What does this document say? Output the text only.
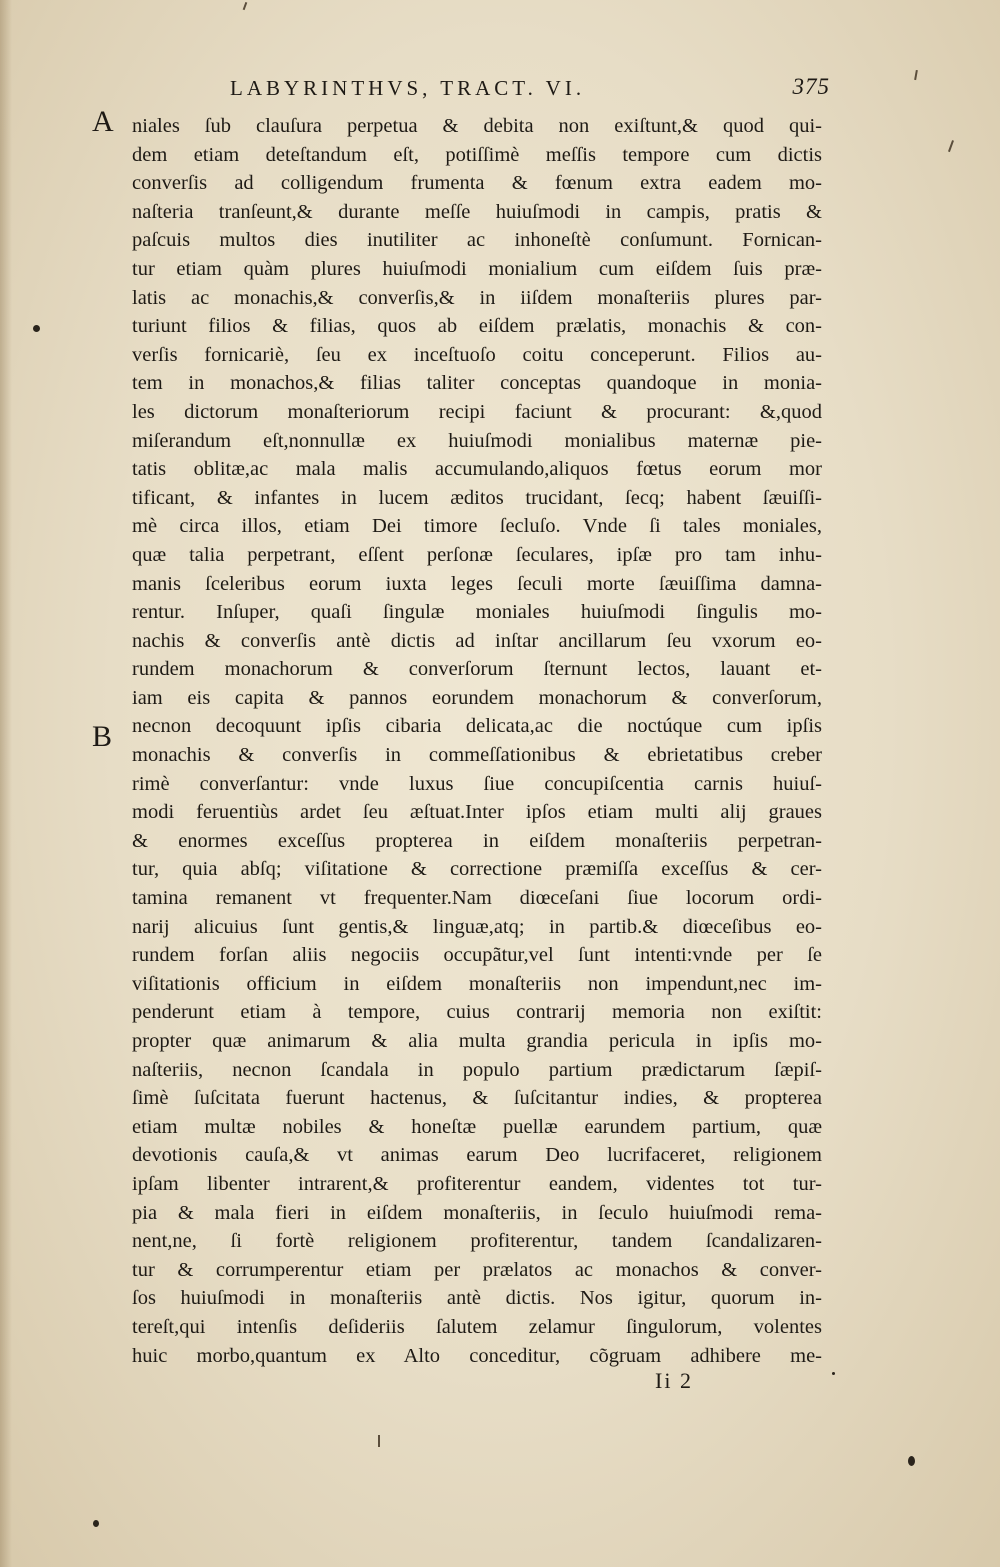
LABYRINTHVS, TRACT. VI.	375
A
B
niales ſub clauſura perpetua & debita non exiſtunt,& quod qui-
dem etiam deteſtandum eſt, potiſſimè meſſis tempore cum dictis
converſis ad colligendum frumenta & fœnum extra eadem mo-
naſteria tranſeunt,& durante meſſe huiuſmodi in campis, pratis &
paſcuis multos dies inutiliter ac inhoneſtè conſumunt. Fornican-
tur etiam quàm plures huiuſmodi monialium cum eiſdem ſuis præ-
latis ac monachis,& converſis,& in iiſdem monaſteriis plures par-
turiunt filios & filias, quos ab eiſdem prælatis, monachis & con-
verſis fornicariè, ſeu ex inceſtuoſo coitu conceperunt. Filios au-
tem in monachos,& filias taliter conceptas quandoque in monia-
les dictorum monaſteriorum recipi faciunt & procurant: &,quod
miſerandum eſt,nonnullæ ex huiuſmodi monialibus maternæ pie-
tatis oblitæ,ac mala malis accumulando,aliquos fœtus eorum mor
tificant, & infantes in lucem æditos trucidant, ſecq; habent ſæuiſſi-
mè circa illos, etiam Dei timore ſecluſo. Vnde ſi tales moniales,
quæ talia perpetrant, eſſent perſonæ ſeculares, ipſæ pro tam inhu-
manis ſceleribus eorum iuxta leges ſeculi morte ſæuiſſima damna-
rentur. Inſuper, quaſi ſingulæ moniales huiuſmodi ſingulis mo-
nachis & converſis antè dictis ad inſtar ancillarum ſeu vxorum eo-
rundem monachorum & converſorum ſternunt lectos, lauant et-
iam eis capita & pannos eorundem monachorum & converſorum,
necnon decoquunt ipſis cibaria delicata,ac die noctúque cum ipſis
monachis & converſis in commeſſationibus & ebrietatibus creber
rimè converſantur: vnde luxus ſiue concupiſcentia carnis huiuſ-
modi feruentiùs ardet ſeu æſtuat.Inter ipſos etiam multi alij graues
& enormes exceſſus propterea in eiſdem monaſteriis perpetran-
tur, quia abſq; viſitatione & correctione præmiſſa exceſſus & cer-
tamina remanent vt frequenter.Nam diœceſani ſiue locorum ordi-
narij alicuius ſunt gentis,& linguæ,atq; in partib.& diœceſibus eo-
rundem forſan aliis negociis occupãtur,vel ſunt intenti:vnde per ſe
viſitationis officium in eiſdem monaſteriis non impendunt,nec im-
penderunt etiam à tempore, cuius contrarij memoria non exiſtit:
propter quæ animarum & alia multa grandia pericula in ipſis mo-
naſteriis, necnon ſcandala in populo partium prædictarum ſæpiſ-
ſimè ſuſcitata fuerunt hactenus, & ſuſcitantur indies, & propterea
etiam multæ nobiles & honeſtæ puellæ earundem partium, quæ
devotionis cauſa,& vt animas earum Deo lucrifaceret, religionem
ipſam libenter intrarent,& profiterentur eandem, videntes tot tur-
pia & mala fieri in eiſdem monaſteriis, in ſeculo huiuſmodi rema-
nent,ne, ſi fortè religionem profiterentur, tandem ſcandalizaren-
tur & corrumperentur etiam per prælatos ac monachos & conver-
ſos huiuſmodi in monaſteriis antè dictis. Nos igitur, quorum in-
tereſt,qui intenſis deſideriis ſalutem zelamur ſingulorum, volentes
huic morbo,quantum ex Alto conceditur, cõgruam adhibere me-
Ii 2
